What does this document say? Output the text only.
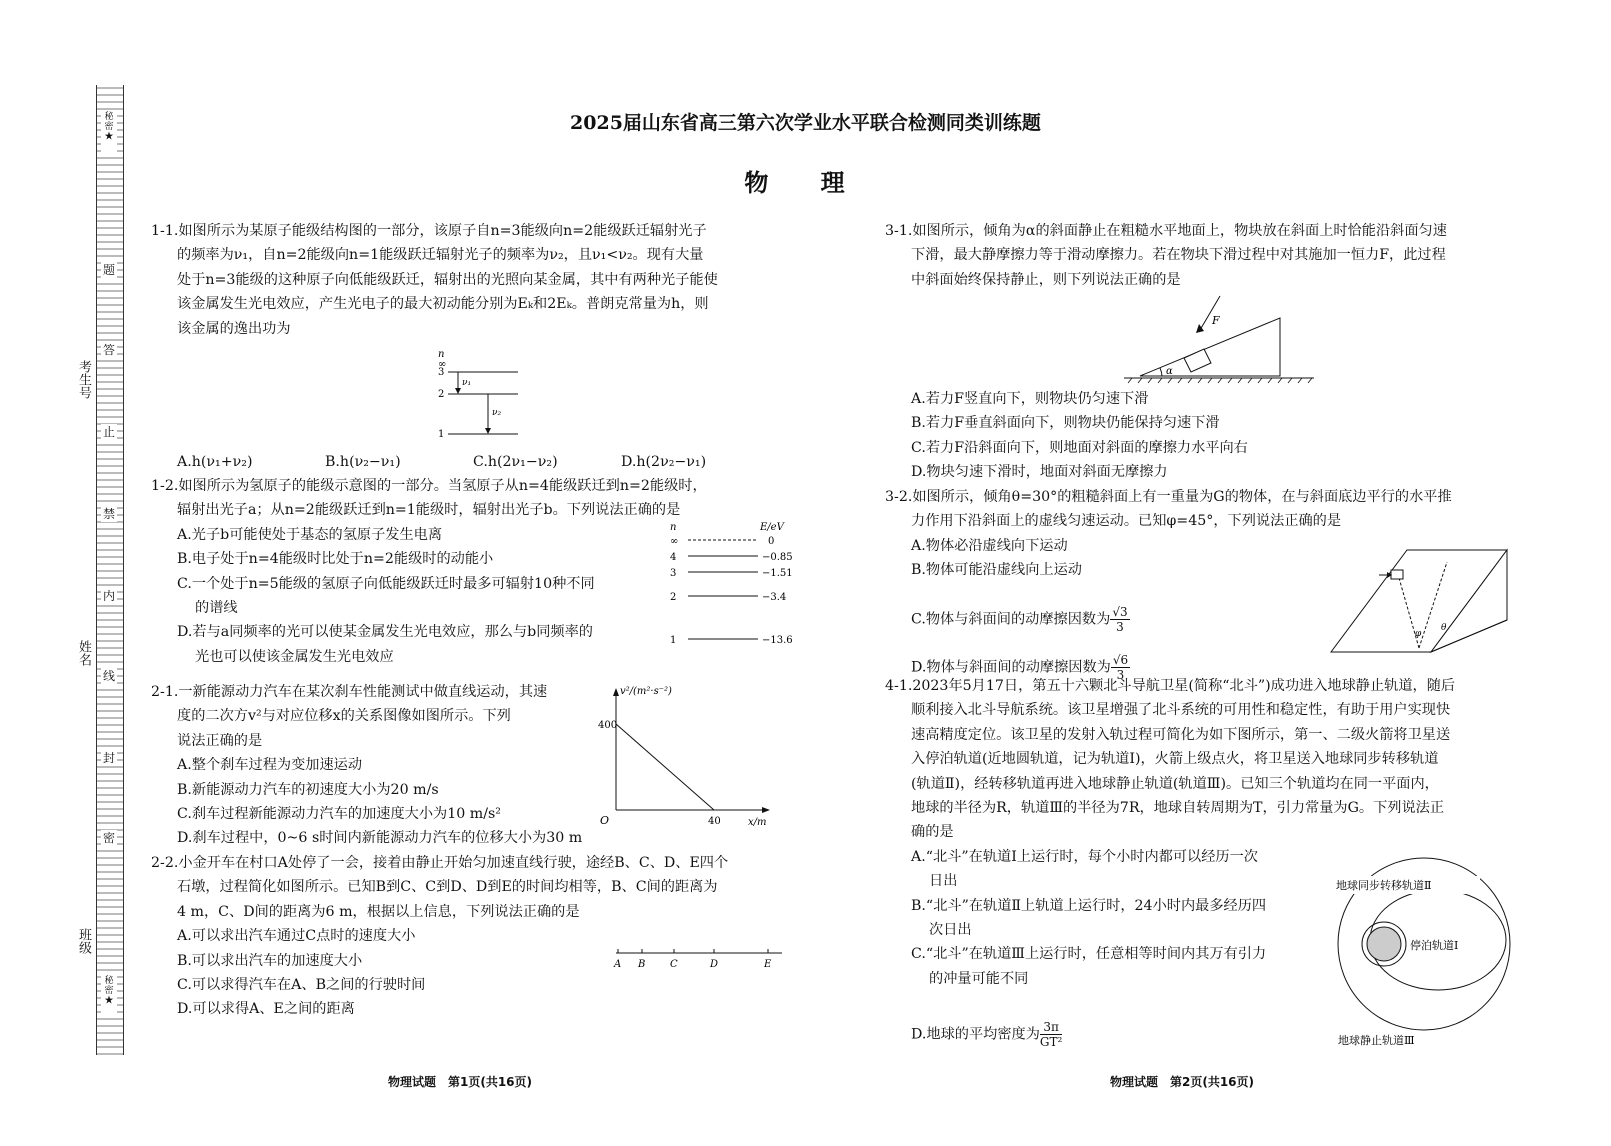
秘密★
题
答
止
禁
内
线
封
密
秘密★
考生号
姓名
班级
2025届山东省高三第六次学业水平联合检测同类训练题
物 理

1-1.如图所示为某原子能级结构图的一部分，该原子自n=3能级向n=2能级跃迁辐射光子

的频率为ν₁，自n=2能级向n=1能级跃迁辐射光子的频率为ν₂，且ν₁<ν₂。现有大量

处于n=3能级的这种原子向低能级跃迁，辐射出的光照向某金属，其中有两种光子能使

该金属发生光电效应，产生光电子的最大初动能分别为Eₖ和2Eₖ。普朗克常量为h，则

该金属的逸出功为

n
∞
3
2
1
ν₁
ν₂
A.h(ν₁+ν₂)	B.h(ν₂−ν₁)	C.h(2ν₁−ν₂)	D.h(2ν₂−ν₁)

1-2.如图所示为氢原子的能级示意图的一部分。当氢原子从n=4能级跃迁到n=2能级时，

辐射出光子a；从n=2能级跃迁到n=1能级时，辐射出光子b。下列说法正确的是

A.光子b可能使处于基态的氢原子发生电离

B.电子处于n=4能级时比处于n=2能级时的动能小

C.一个处于n=5能级的氢原子向低能级跃迁时最多可辐射10种不同

的谱线

D.若与a同频率的光可以使某金属发生光电效应，那么与b同频率的

光也可以使该金属发生光电效应

n	E/eV
∞	0
4	−0.85
3	−1.51
2	−3.4
1	−13.6

2-1.一新能源动力汽车在某次刹车性能测试中做直线运动，其速

度的二次方v²与对应位移x的关系图像如图所示。下列

说法正确的是

A.整个刹车过程为变加速运动

B.新能源动力汽车的初速度大小为20 m/s

C.刹车过程新能源动力汽车的加速度大小为10 m/s²

D.刹车过程中，0~6 s时间内新能源动力汽车的位移大小为30 m

v²/(m²·s⁻²)
x/m
O
400
40

2-2.小金开车在村口A处停了一会，接着由静止开始匀加速直线行驶，途经B、C、D、E四个

石墩，过程简化如图所示。已知B到C、C到D、D到E的时间均相等，B、C间的距离为

4 m，C、D间的距离为6 m，根据以上信息，下列说法正确的是

A.可以求出汽车通过C点时的速度大小

B.可以求出汽车的加速度大小

C.可以求得汽车在A、B之间的行驶时间

D.可以求得A、E之间的距离

A B C	D	E

3-1.如图所示，倾角为α的斜面静止在粗糙水平地面上，物块放在斜面上时恰能沿斜面匀速

下滑，最大静摩擦力等于滑动摩擦力。若在物块下滑过程中对其施加一恒力F，此过程

中斜面始终保持静止，则下列说法正确的是

F
α

A.若力F竖直向下，则物块仍匀速下滑

B.若力F垂直斜面向下，则物块仍能保持匀速下滑

C.若力F沿斜面向下，则地面对斜面的摩擦力水平向右

D.物块匀速下滑时，地面对斜面无摩擦力

3-2.如图所示，倾角θ=30°的粗糙斜面上有一重量为G的物体，在与斜面底边平行的水平推

力作用下沿斜面上的虚线匀速运动。已知φ=45°，下列说法正确的是

A.物体必沿虚线向下运动

B.物体可能沿虚线向上运动

C.物体与斜面间的动摩擦因数为 $\frac{√3}{3}$
D.物体与斜面间的动摩擦因数为 $\frac{√6}{3}$
φ
θ

4-1.2023年5月17日，第五十六颗北斗导航卫星(简称“北斗”)成功进入地球静止轨道，随后

顺利接入北斗导航系统。该卫星增强了北斗系统的可用性和稳定性，有助于用户实现快

速高精度定位。该卫星的发射入轨过程可简化为如下图所示，第一、二级火箭将卫星送

入停泊轨道(近地圆轨道，记为轨道Ⅰ)，火箭上级点火，将卫星送入地球同步转移轨道

(轨道Ⅱ)，经转移轨道再进入地球静止轨道(轨道Ⅲ)。已知三个轨道均在同一平面内，

地球的半径为R，轨道Ⅲ的半径为7R，地球自转周期为T，引力常量为G。下列说法正

确的是

A.“北斗”在轨道Ⅰ上运行时，每个小时内都可以经历一次

日出

B.“北斗”在轨道Ⅱ上轨道上运行时，24小时内最多经历四

次日出

C.“北斗”在轨道Ⅲ上运行时，任意相等时间内其万有引力

的冲量可能不同

D.地球的平均密度为 $\frac{3\pi}{\text{GT²}}$
地球同步转移轨道Ⅱ
停泊轨道Ⅰ
地球静止轨道Ⅲ
物理试题　第1页(共16页)	物理试题　第2页(共16页)
